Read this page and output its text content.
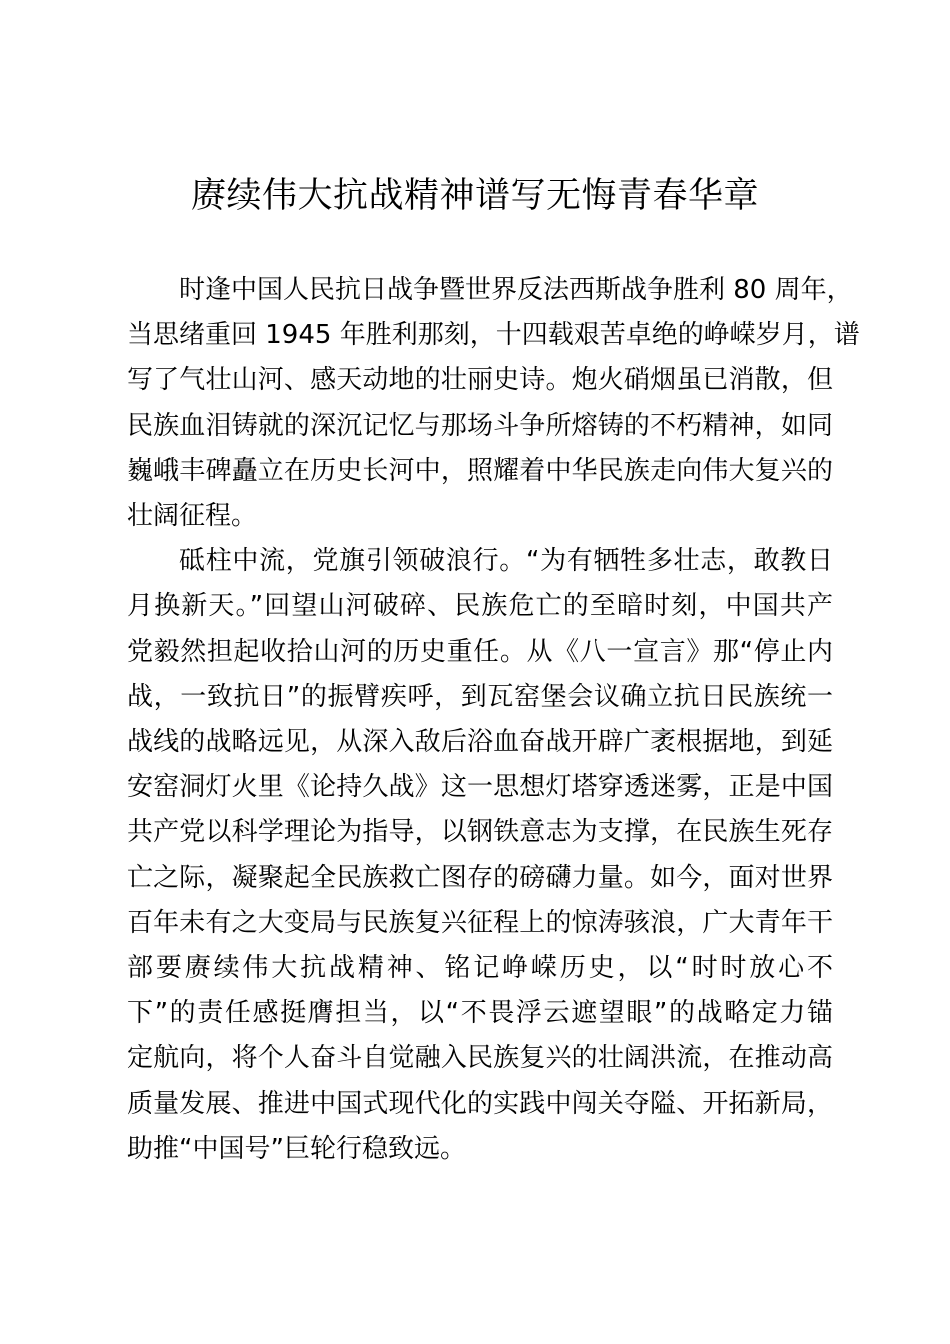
赓续伟大抗战精神谱写无悔青春华章
时逢中国人民抗日战争暨世界反法西斯战争胜利 80 周年，
当思绪重回 1945 年胜利那刻，十四载艰苦卓绝的峥嵘岁月，谱
写了气壮山河、感天动地的壮丽史诗。炮火硝烟虽已消散，但
民族血泪铸就的深沉记忆与那场斗争所熔铸的不朽精神，如同
巍峨丰碑矗立在历史长河中，照耀着中华民族走向伟大复兴的
壮阔征程。
砥柱中流，党旗引领破浪行。“为有牺牲多壮志，敢教日
月换新天。”回望山河破碎、民族危亡的至暗时刻，中国共产
党毅然担起收拾山河的历史重任。从《八一宣言》那“停止内
战，一致抗日”的振臂疾呼，到瓦窑堡会议确立抗日民族统一
战线的战略远见，从深入敌后浴血奋战开辟广袤根据地，到延
安窑洞灯火里《论持久战》这一思想灯塔穿透迷雾，正是中国
共产党以科学理论为指导，以钢铁意志为支撑，在民族生死存
亡之际，凝聚起全民族救亡图存的磅礴力量。如今，面对世界
百年未有之大变局与民族复兴征程上的惊涛骇浪，广大青年干
部要赓续伟大抗战精神、铭记峥嵘历史，以“时时放心不
下”的责任感挺膺担当，以“不畏浮云遮望眼”的战略定力锚
定航向，将个人奋斗自觉融入民族复兴的壮阔洪流，在推动高
质量发展、推进中国式现代化的实践中闯关夺隘、开拓新局，
助推“中国号”巨轮行稳致远。
